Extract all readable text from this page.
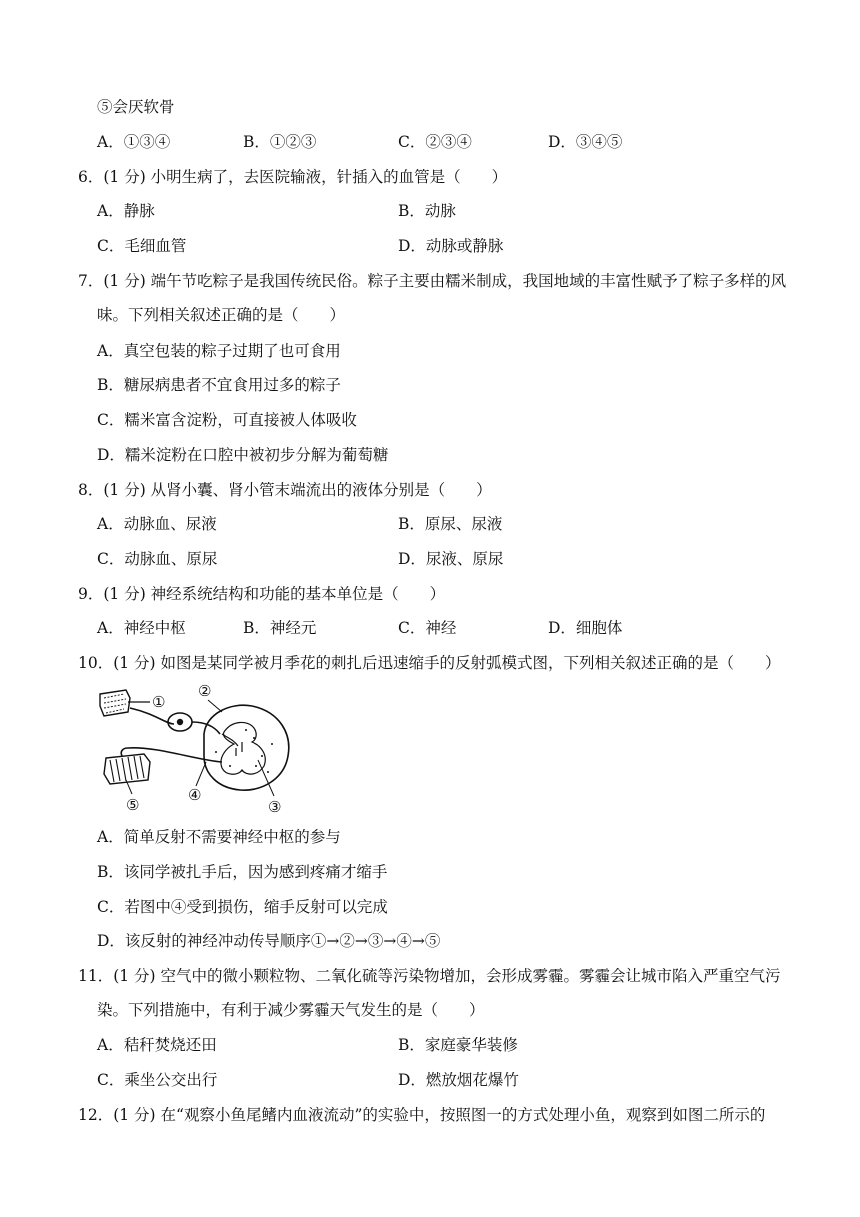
⑤会厌软骨
A．①③④	B．①②③	C．②③④	D．③④⑤
6．(1 分) 小明生病了，去医院输液，针插入的血管是（　　）
A．静脉	B．动脉
C．毛细血管	D．动脉或静脉
7．(1 分) 端午节吃粽子是我国传统民俗。粽子主要由糯米制成，我国地域的丰富性赋予了粽子多样的风
味。下列相关叙述正确的是（　　）
A．真空包装的粽子过期了也可食用
B．糖尿病患者不宜食用过多的粽子
C．糯米富含淀粉，可直接被人体吸收
D．糯米淀粉在口腔中被初步分解为葡萄糖
8．(1 分) 从肾小囊、肾小管末端流出的液体分别是（　　）
A．动脉血、尿液	B．原尿、尿液
C．动脉血、原尿	D．尿液、原尿
9．(1 分) 神经系统结构和功能的基本单位是（　　）
A．神经中枢	B．神经元	C．神经	D．细胞体
10．(1 分) 如图是某同学被月季花的刺扎后迅速缩手的反射弧模式图，下列相关叙述正确的是（　　）
①
②
③
④
⑤
A．简单反射不需要神经中枢的参与
B．该同学被扎手后，因为感到疼痛才缩手
C．若图中④受到损伤，缩手反射可以完成
D．该反射的神经冲动传导顺序①→②→③→④→⑤
11．(1 分) 空气中的微小颗粒物、二氧化硫等污染物增加，会形成雾霾。雾霾会让城市陷入严重空气污
染。下列措施中，有利于减少雾霾天气发生的是（　　）
A．秸秆焚烧还田	B．家庭豪华装修
C．乘坐公交出行	D．燃放烟花爆竹
12．(1 分) 在“观察小鱼尾鳍内血液流动”的实验中，按照图一的方式处理小鱼，观察到如图二所示的
